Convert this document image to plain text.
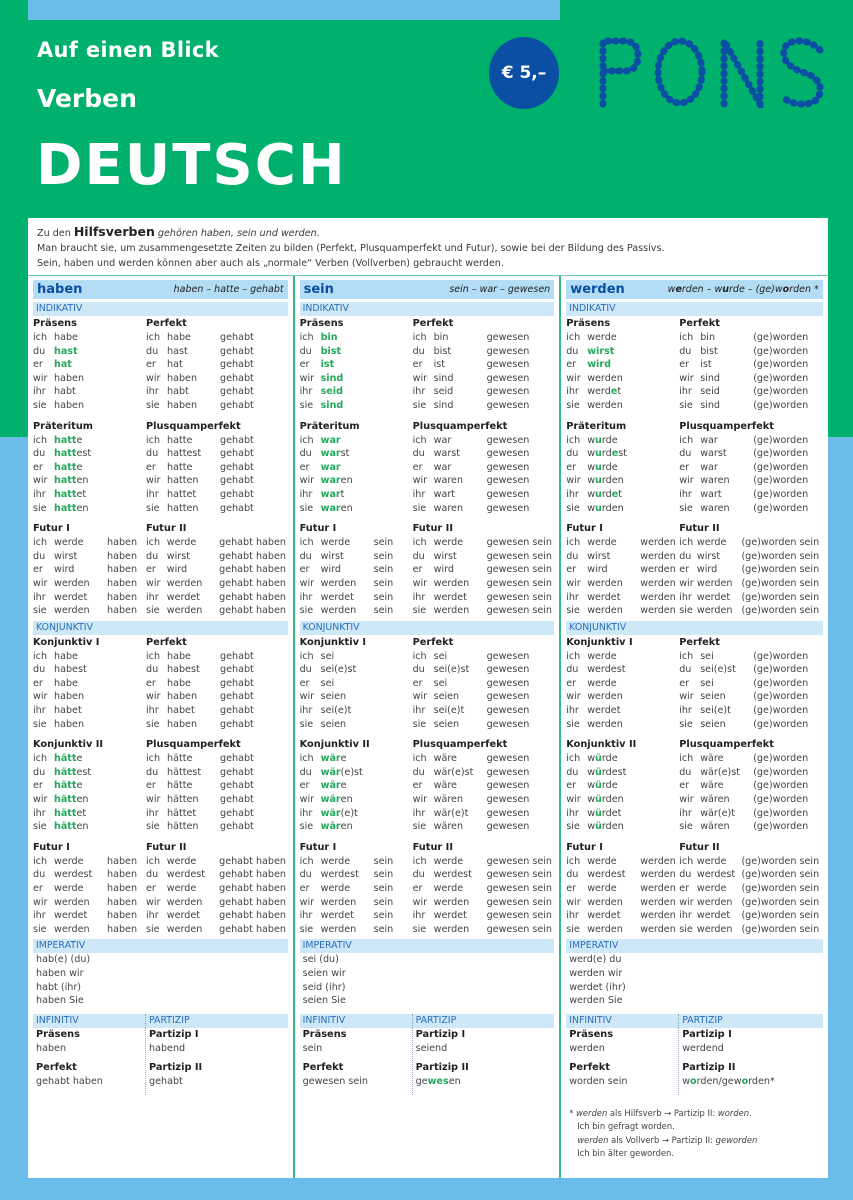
Auf einen Blick
Verben
DEUTSCH
€ 5,–
Zu den Hilfsverben gehören haben, sein und werden.
Man braucht sie, um zusammengesetzte Zeiten zu bilden (Perfekt, Plusquamperfekt und Futur), sowie bei der Bildung des Passivs.
Sein, haben und werden können aber auch als „normale“ Verben (Vollverben) gebraucht werden.
haben	haben – hatte – gehabt
INDIKATIV
Präsens
ich habe
du hast
er	hat
wir haben
ihr habt
sie haben
Perfekt
ich habe	gehabt
du hast	gehabt
er	hat	gehabt
wir haben	gehabt
ihr habt	gehabt
sie haben	gehabt
Präteritum
ich hatte
du hattest
er	hatte
wir hatten
ihr hattet
sie hatten
Plusquamperfekt
ich hatte	gehabt
du hattest	gehabt
er	hatte	gehabt
wir hatten	gehabt
ihr hattet	gehabt
sie hatten	gehabt
Futur I
ich werde	haben
du wirst	haben
er	wird	haben
wir werden	haben
ihr werdet	haben
sie werden	haben
Futur II
ich werde	gehabt haben
du wirst	gehabt haben
er	wird	gehabt haben
wir werden	gehabt haben
ihr werdet	gehabt haben
sie werden	gehabt haben
KONJUNKTIV
Konjunktiv I
ich habe
du habest
er	habe
wir haben
ihr habet
sie haben
Perfekt
ich habe	gehabt
du habest	gehabt
er	habe	gehabt
wir haben	gehabt
ihr habet	gehabt
sie haben	gehabt
Konjunktiv II
ich hätte
du hättest
er	hätte
wir hätten
ihr hättet
sie hätten
Plusquamperfekt
ich hätte	gehabt
du hättest	gehabt
er	hätte	gehabt
wir hätten	gehabt
ihr hättet	gehabt
sie hätten	gehabt
Futur I
ich werde	haben
du werdest	haben
er	werde	haben
wir werden	haben
ihr werdet	haben
sie werden	haben
Futur II
ich werde	gehabt haben
du werdest	gehabt haben
er	werde	gehabt haben
wir werden	gehabt haben
ihr werdet	gehabt haben
sie werden	gehabt haben
IMPERATIV
hab(e) (du)
haben wir
habt (ihr)
haben Sie
INFINITIV	PARTIZIP
Präsens
haben
Perfekt
gehabt haben
Partizip I
habend
Partizip II
gehabt
sein	sein – war – gewesen
INDIKATIV
Präsens
ich bin
du bist
er	ist
wir sind
ihr seid
sie sind
Perfekt
ich bin	gewesen
du bist	gewesen
er	ist	gewesen
wir sind	gewesen
ihr seid	gewesen
sie sind	gewesen
Präteritum
ich war
du warst
er	war
wir waren
ihr wart
sie waren
Plusquamperfekt
ich war	gewesen
du warst	gewesen
er	war	gewesen
wir waren	gewesen
ihr wart	gewesen
sie waren	gewesen
Futur I
ich werde	sein
du wirst	sein
er	wird	sein
wir werden	sein
ihr werdet	sein
sie werden	sein
Futur II
ich werde	gewesen sein
du wirst	gewesen sein
er	wird	gewesen sein
wir werden	gewesen sein
ihr werdet	gewesen sein
sie werden	gewesen sein
KONJUNKTIV
Konjunktiv I
ich sei
du sei(e)st
er	sei
wir seien
ihr sei(e)t
sie seien
Perfekt
ich sei	gewesen
du sei(e)st	gewesen
er	sei	gewesen
wir seien	gewesen
ihr sei(e)t	gewesen
sie seien	gewesen
Konjunktiv II
ich wäre
du wär(e)st
er	wäre
wir wären
ihr wär(e)t
sie wären
Plusquamperfekt
ich wäre	gewesen
du wär(e)st	gewesen
er	wäre	gewesen
wir wären	gewesen
ihr wär(e)t	gewesen
sie wären	gewesen
Futur I
ich werde	sein
du werdest	sein
er	werde	sein
wir werden	sein
ihr werdet	sein
sie werden	sein
Futur II
ich werde	gewesen sein
du werdest	gewesen sein
er	werde	gewesen sein
wir werden	gewesen sein
ihr werdet	gewesen sein
sie werden	gewesen sein
IMPERATIV
sei (du)
seien wir
seid (ihr)
seien Sie
INFINITIV	PARTIZIP
Präsens
sein
Perfekt
gewesen sein
Partizip I
seiend
Partizip II
gewesen
werden	werden – wurde – (ge)worden *
INDIKATIV
Präsens
ich werde
du wirst
er	wird
wir werden
ihr werdet
sie werden
Perfekt
ich bin	(ge)worden
du bist	(ge)worden
er	ist	(ge)worden
wir sind	(ge)worden
ihr seid	(ge)worden
sie sind	(ge)worden
Präteritum
ich wurde
du wurdest
er	wurde
wir wurden
ihr wurdet
sie wurden
Plusquamperfekt
ich war	(ge)worden
du warst	(ge)worden
er	war	(ge)worden
wir waren	(ge)worden
ihr wart	(ge)worden
sie waren	(ge)worden
Futur I
ich werde	werden
du wirst	werden
er	wird	werden
wir werden	werden
ihr werdet	werden
sie werden	werden
Futur II
ich werde	(ge)worden sein
du wirst	(ge)worden sein
er wird	(ge)worden sein
wir werden (ge)worden sein
ihr werdet	(ge)worden sein
sie werden (ge)worden sein
KONJUNKTIV
Konjunktiv I
ich werde
du werdest
er	werde
wir werden
ihr werdet
sie werden
Perfekt
ich sei	(ge)worden
du sei(e)st	(ge)worden
er	sei	(ge)worden
wir seien	(ge)worden
ihr sei(e)t	(ge)worden
sie seien	(ge)worden
Konjunktiv II
ich würde
du würdest
er	würde
wir würden
ihr würdet
sie würden
Plusquamperfekt
ich wäre	(ge)worden
du wär(e)st	(ge)worden
er	wäre	(ge)worden
wir wären	(ge)worden
ihr wär(e)t	(ge)worden
sie wären	(ge)worden
Futur I
ich werde	werden
du werdest	werden
er	werde	werden
wir werden	werden
ihr werdet	werden
sie werden	werden
Futur II
ich werde	(ge)worden sein
du werdest (ge)worden sein
er werde	(ge)worden sein
wir werden (ge)worden sein
ihr werdet	(ge)worden sein
sie werden (ge)worden sein
IMPERATIV
werd(e) du
werden wir
werdet (ihr)
werden Sie
INFINITIV	PARTIZIP
Präsens
werden
Perfekt
worden sein
Partizip I
werdend
Partizip II
worden/geworden*
* werden als Hilfsverb → Partizip II: worden.
Ich bin gefragt worden.
werden als Vollverb → Partizip II: geworden
Ich bin älter geworden.
